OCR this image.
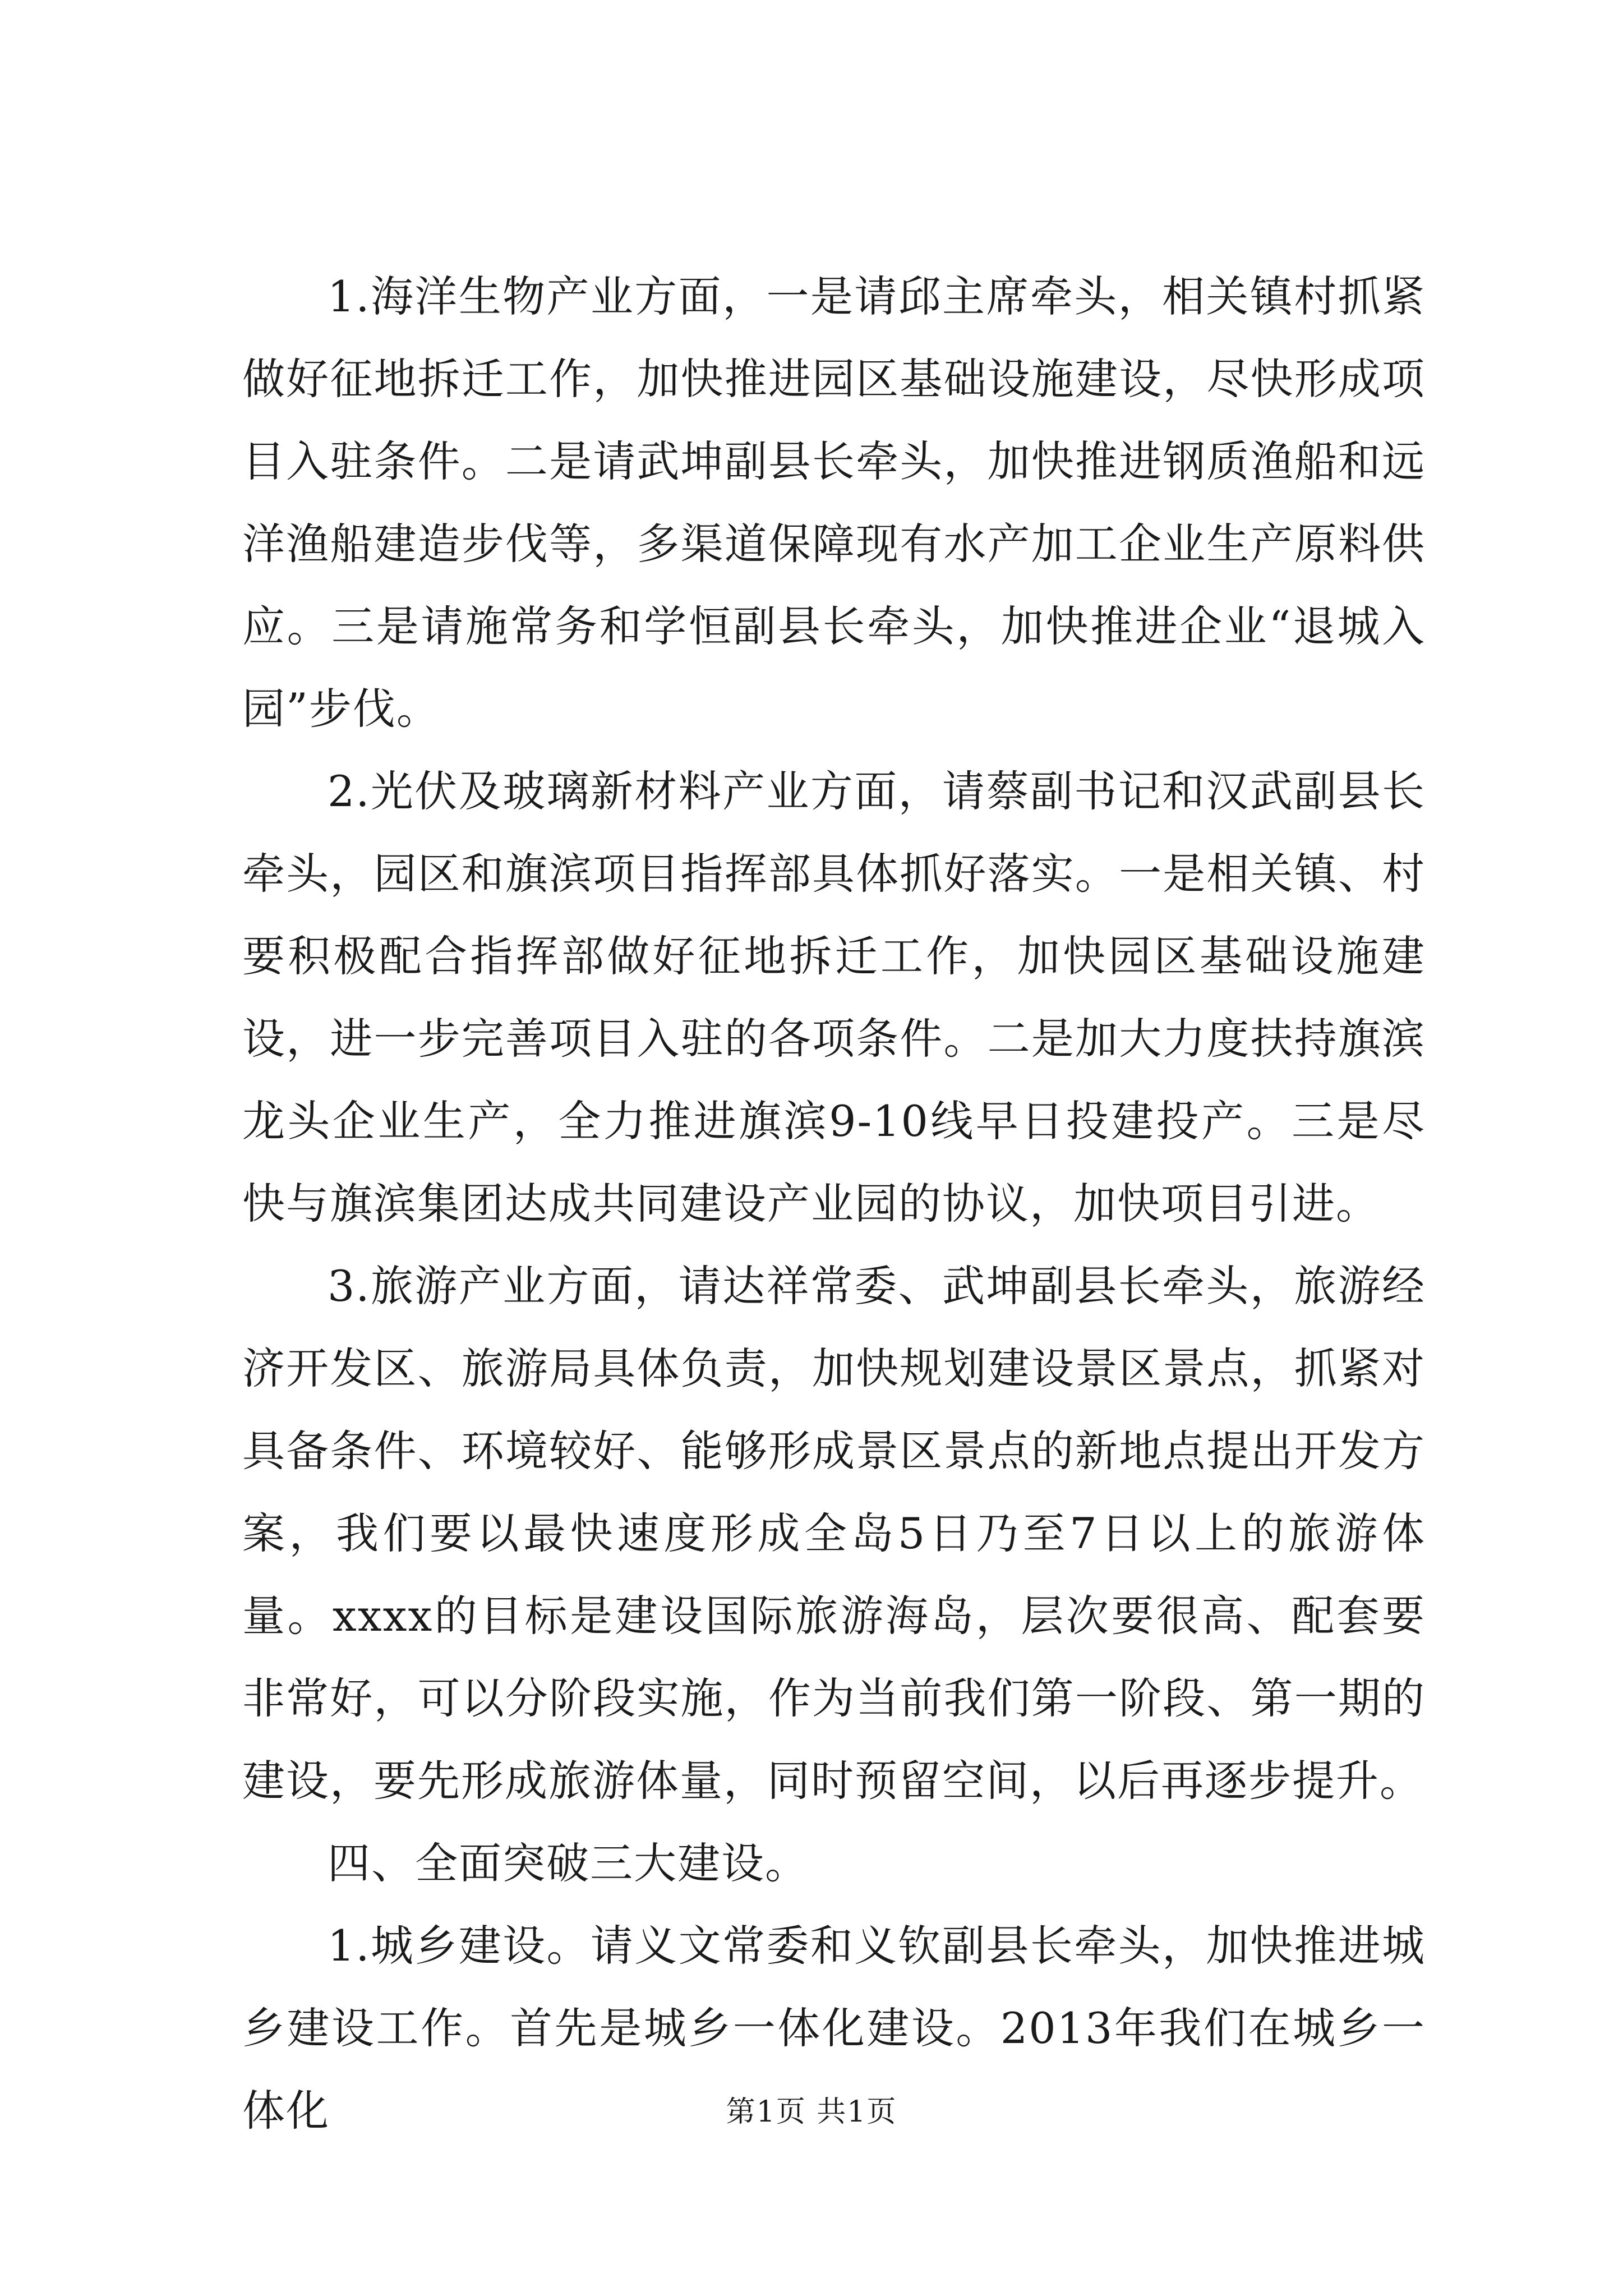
1.海洋生物产业方面，一是请邱主席牵头，相关镇村抓紧做好征地拆迁工作，加快推进园区基础设施建设，尽快形成项目入驻条件。二是请武坤副县长牵头，加快推进钢质渔船和远洋渔船建造步伐等，多渠道保障现有水产加工企业生产原料供应。三是请施常务和学恒副县长牵头，加快推进企业“退城入园”步伐。

2.光伏及玻璃新材料产业方面，请蔡副书记和汉武副县长牵头，园区和旗滨项目指挥部具体抓好落实。一是相关镇、村要积极配合指挥部做好征地拆迁工作，加快园区基础设施建设，进一步完善项目入驻的各项条件。二是加大力度扶持旗滨龙头企业生产，全力推进旗滨9-10线早日投建投产。三是尽快与旗滨集团达成共同建设产业园的协议，加快项目引进。

3.旅游产业方面，请达祥常委、武坤副县长牵头，旅游经济开发区、旅游局具体负责，加快规划建设景区景点，抓紧对具备条件、环境较好、能够形成景区景点的新地点提出开发方案，我们要以最快速度形成全岛5日乃至7日以上的旅游体量。xxxx的目标是建设国际旅游海岛，层次要很高、配套要非常好，可以分阶段实施，作为当前我们第一阶段、第一期的建设，要先形成旅游体量，同时预留空间，以后再逐步提升。

四、全面突破三大建设。

1.城乡建设。请义文常委和义钦副县长牵头，加快推进城乡建设工作。首先是城乡一体化建设。2013年我们在城乡一体化	第1页 共1页
